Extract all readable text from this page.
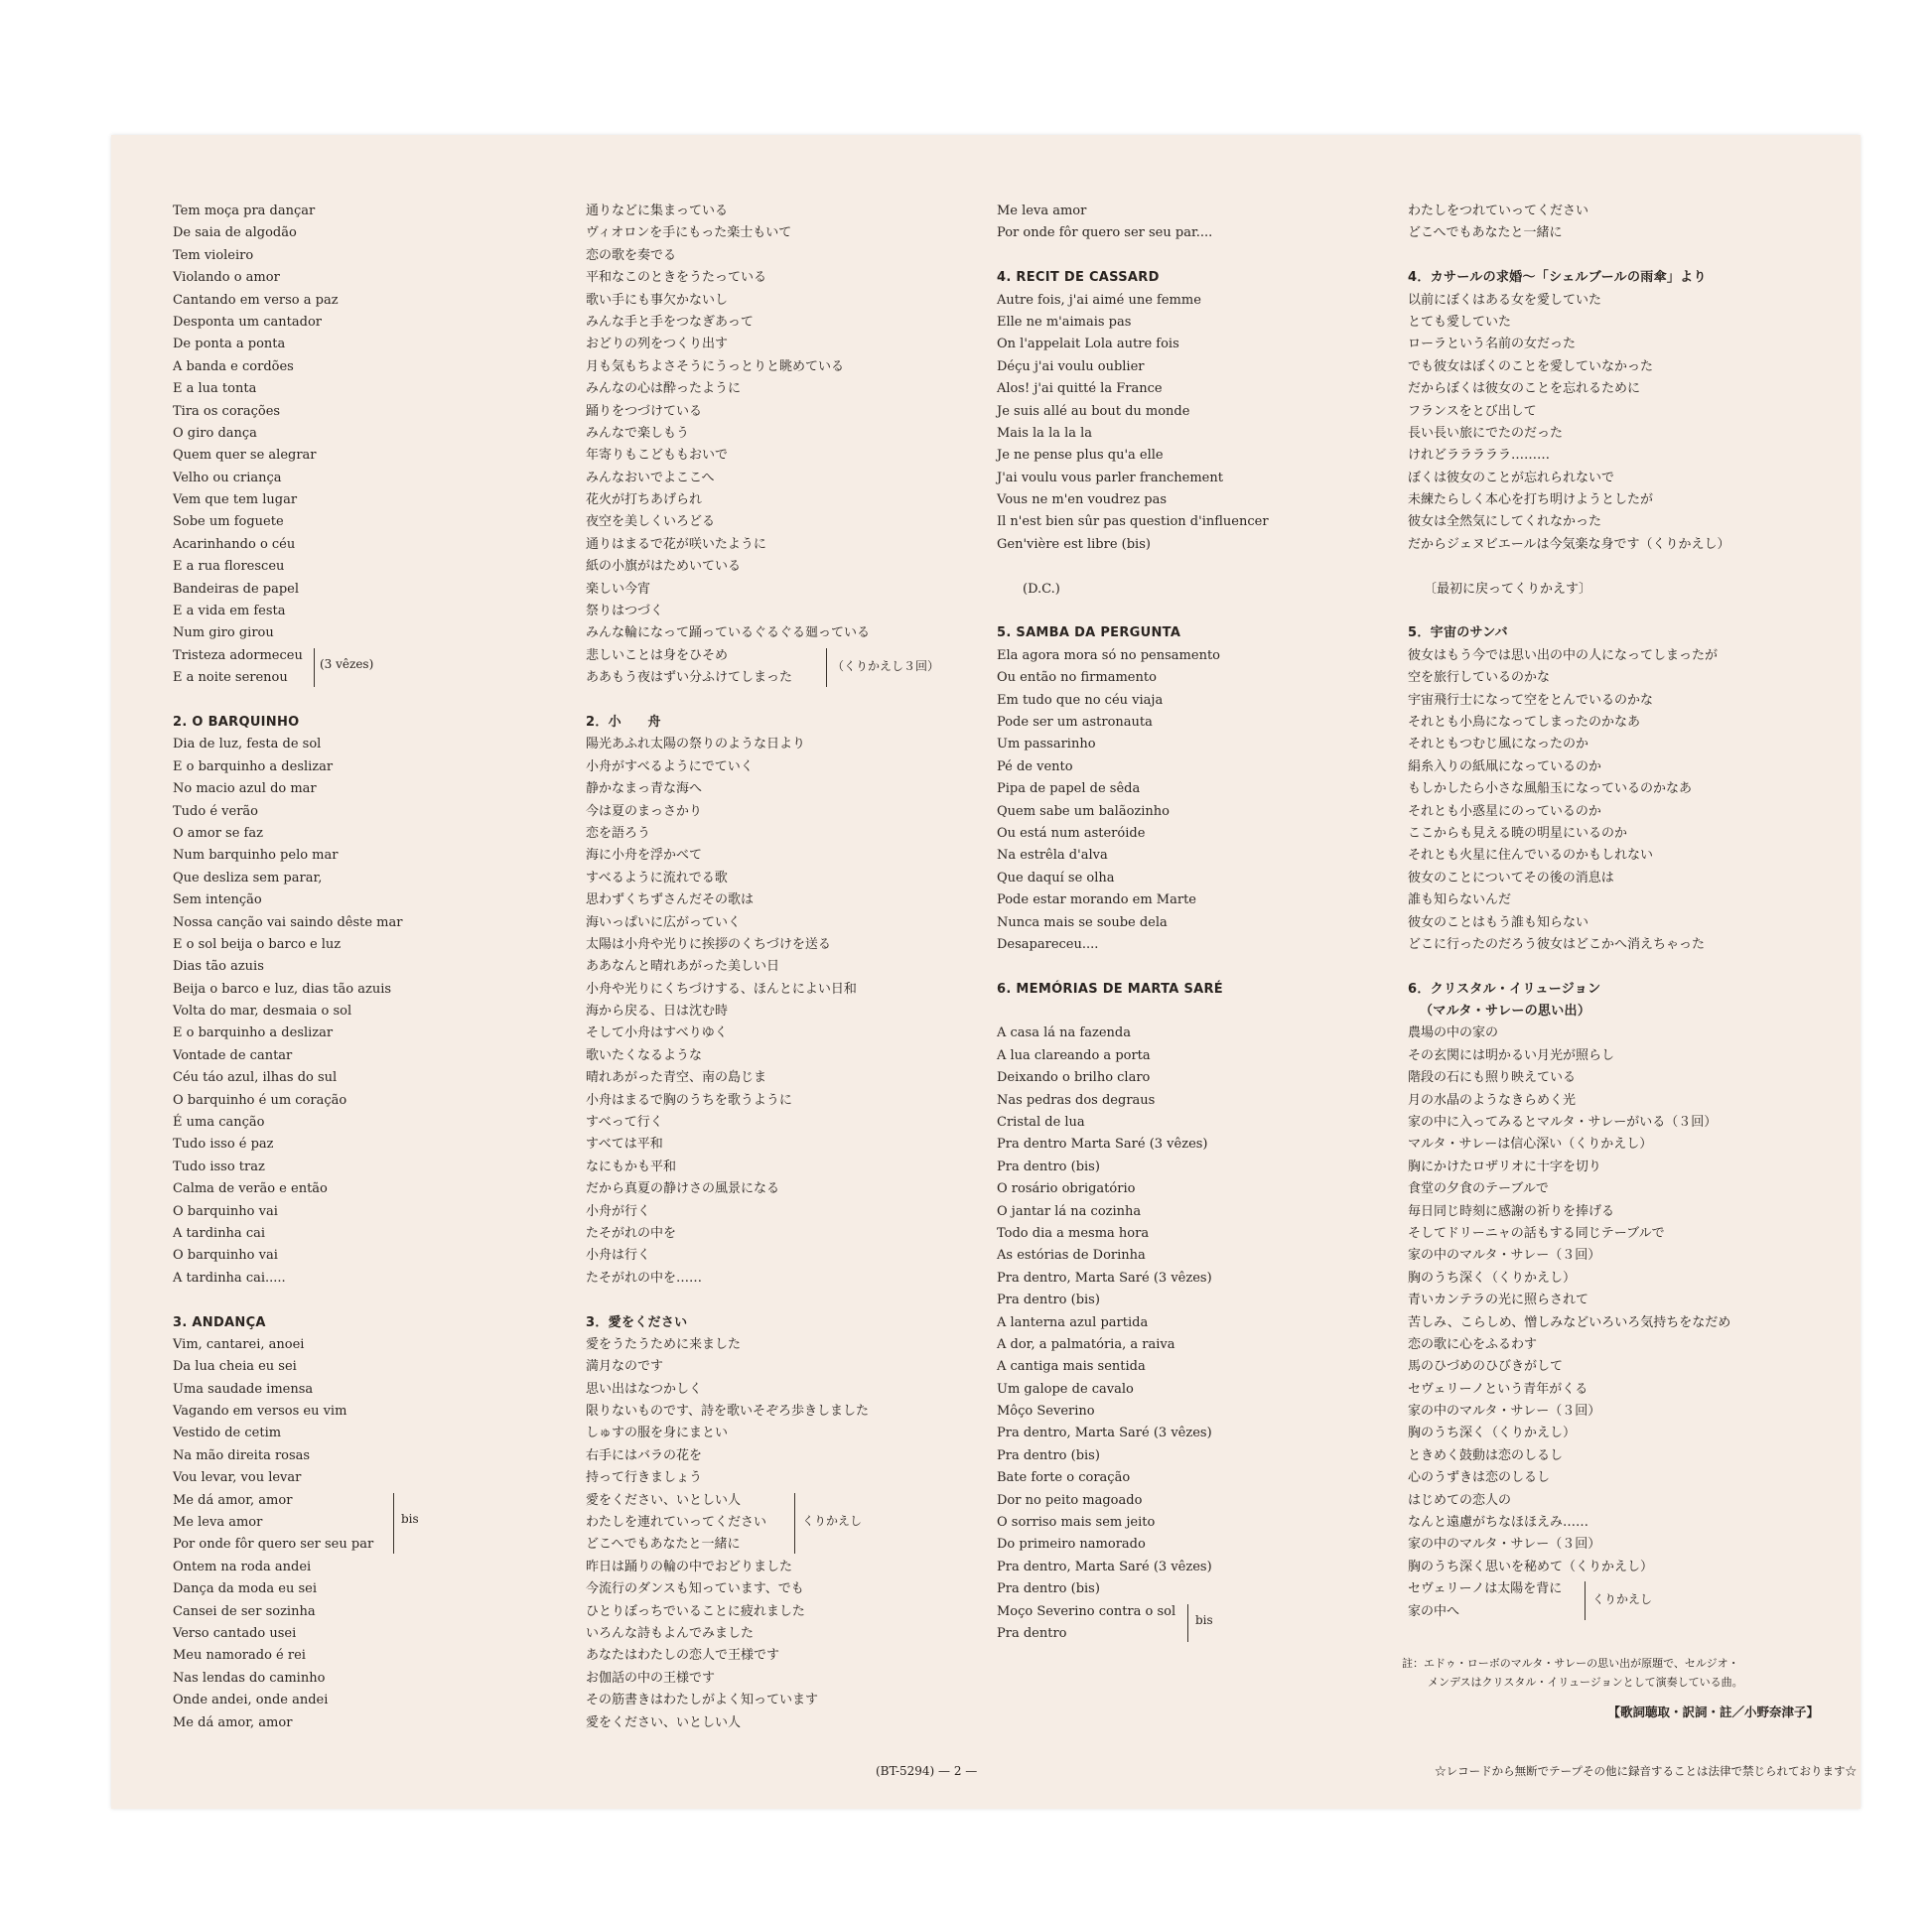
Tem moça pra dançar
De saia de algodão
Tem violeiro
Violando o amor
Cantando em verso a paz
Desponta um cantador
De ponta a ponta
A banda e cordões
E a lua tonta
Tira os corações
O giro dança
Quem quer se alegrar
Velho ou criança
Vem que tem lugar
Sobe um foguete
Acarinhando o céu
E a rua floresceu
Bandeiras de papel
E a vida em festa
Num giro girou
Tristeza adormeceu
E a noite serenou
(3 vêzes)
2. O BARQUINHO
Dia de luz, festa de sol
E o barquinho a deslizar
No macio azul do mar
Tudo é verão
O amor se faz
Num barquinho pelo mar
Que desliza sem parar,
Sem intenção
Nossa canção vai saindo dêste mar
E o sol beija o barco e luz
Dias tão azuis
Beija o barco e luz, dias tão azuis
Volta do mar, desmaia o sol
E o barquinho a deslizar
Vontade de cantar
Céu táo azul, ilhas do sul
O barquinho é um coração
É uma canção
Tudo isso é paz
Tudo isso traz
Calma de verão e então
O barquinho vai
A tardinha cai
O barquinho vai
A tardinha cai.....
3. ANDANÇA
Vim, cantarei, anoei
Da lua cheia eu sei
Uma saudade imensa
Vagando em versos eu vim
Vestido de cetim
Na mão direita rosas
Vou levar, vou levar
Me dá amor, amor
Me leva amor
Por onde fôr quero ser seu par
bis
Ontem na roda andei
Dança da moda eu sei
Cansei de ser sozinha
Verso cantado usei
Meu namorado é rei
Nas lendas do caminho
Onde andei, onde andei
Me dá amor, amor
通りなどに集まっている
ヴィオロンを手にもった楽士もいて
恋の歌を奏でる
平和なこのときをうたっている
歌い手にも事欠かないし
みんな手と手をつなぎあって
おどりの列をつくり出す
月も気もちよさそうにうっとりと眺めている
みんなの心は酔ったように
踊りをつづけている
みんなで楽しもう
年寄りもこどももおいで
みんなおいでよここへ
花火が打ちあげられ
夜空を美しくいろどる
通りはまるで花が咲いたように
紙の小旗がはためいている
楽しい今宵
祭りはつづく
みんな輪になって踊っているぐるぐる廻っている
悲しいことは身をひそめ
ああもう夜はずい分ふけてしまった
（くりかえし３回）
2．小　　舟
陽光あふれ太陽の祭りのような日より
小舟がすべるようにでていく
静かなまっ青な海へ
今は夏のまっさかり
恋を語ろう
海に小舟を浮かべて
すべるように流れでる歌
思わずくちずさんだその歌は
海いっぱいに広がっていく
太陽は小舟や光りに挨拶のくちづけを送る
ああなんと晴れあがった美しい日
小舟や光りにくちづけする、ほんとによい日和
海から戻る、日は沈む時
そして小舟はすべりゆく
歌いたくなるような
晴れあがった青空、南の島じま
小舟はまるで胸のうちを歌うように
すべって行く
すべては平和
なにもかも平和
だから真夏の静けさの風景になる
小舟が行く
たそがれの中を
小舟は行く
たそがれの中を……
3．愛をください
愛をうたうために来ました
満月なのです
思い出はなつかしく
限りないものです、詩を歌いそぞろ歩きしました
しゅすの服を身にまとい
右手にはバラの花を
持って行きましょう
愛をください、いとしい人
わたしを連れていってください
どこへでもあなたと一緒に
くりかえし
昨日は踊りの輪の中でおどりました
今流行のダンスも知っています、でも
ひとりぼっちでいることに疲れました
いろんな詩もよんでみました
あなたはわたしの恋人で王様です
お伽話の中の王様です
その筋書きはわたしがよく知っています
愛をください、いとしい人
Me leva amor
Por onde fôr quero ser seu par....
4. RECIT DE CASSARD
Autre fois, j'ai aimé une femme
Elle ne m'aimais pas
On l'appelait Lola autre fois
Déçu j'ai voulu oublier
Alos! j'ai quitté la France
Je suis allé au bout du monde
Mais la la la la
Je ne pense plus qu'a elle
J'ai voulu vous parler franchement
Vous ne m'en voudrez pas
Il n'est bien sûr pas question d'influencer
Gen'vière est libre (bis)
(D.C.)
5. SAMBA DA PERGUNTA
Ela agora mora só no pensamento
Ou então no firmamento
Em tudo que no céu viaja
Pode ser um astronauta
Um passarinho
Pé de vento
Pipa de papel de sêda
Quem sabe um balãozinho
Ou está num asteróide
Na estrêla d'alva
Que daquí se olha
Pode estar morando em Marte
Nunca mais se soube dela
Desapareceu....
6. MEMÓRIAS DE MARTA SARÉ
A casa lá na fazenda
A lua clareando a porta
Deixando o brilho claro
Nas pedras dos degraus
Cristal de lua
Pra dentro Marta Saré (3 vêzes)
Pra dentro (bis)
O rosário obrigatório
O jantar lá na cozinha
Todo dia a mesma hora
As estórias de Dorinha
Pra dentro, Marta Saré (3 vêzes)
Pra dentro (bis)
A lanterna azul partida
A dor, a palmatória, a raiva
A cantiga mais sentida
Um galope de cavalo
Môço Severino
Pra dentro, Marta Saré (3 vêzes)
Pra dentro (bis)
Bate forte o coração
Dor no peito magoado
O sorriso mais sem jeito
Do primeiro namorado
Pra dentro, Marta Saré (3 vêzes)
Pra dentro (bis)
Moço Severino contra o sol
Pra dentro
bis
わたしをつれていってください
どこへでもあなたと一緒に
4．カサールの求婚～「シェルブールの雨傘」より
以前にぼくはある女を愛していた
とても愛していた
ローラという名前の女だった
でも彼女はぼくのことを愛していなかった
だからぼくは彼女のことを忘れるために
フランスをとび出して
長い長い旅にでたのだった
けれどラララララ………
ぼくは彼女のことが忘れられないで
未練たらしく本心を打ち明けようとしたが
彼女は全然気にしてくれなかった
だからジェヌビエールは今気楽な身です（くりかえし）
〔最初に戻ってくりかえす〕
5．宇宙のサンバ
彼女はもう今では思い出の中の人になってしまったが
空を旅行しているのかな
宇宙飛行士になって空をとんでいるのかな
それとも小鳥になってしまったのかなあ
それともつむじ風になったのか
絹糸入りの紙凧になっているのか
もしかしたら小さな風船玉になっているのかなあ
それとも小惑星にのっているのか
ここからも見える暁の明星にいるのか
それとも火星に住んでいるのかもしれない
彼女のことについてその後の消息は
誰も知らないんだ
彼女のことはもう誰も知らない
どこに行ったのだろう彼女はどこかへ消えちゃった
6．クリスタル・イリュージョン
（マルタ・サレーの思い出）
農場の中の家の
その玄関には明かるい月光が照らし
階段の石にも照り映えている
月の水晶のようなきらめく光
家の中に入ってみるとマルタ・サレーがいる（３回）
マルタ・サレーは信心深い（くりかえし）
胸にかけたロザリオに十字を切り
食堂の夕食のテーブルで
毎日同じ時刻に感謝の祈りを捧げる
そしてドリーニャの話もする同じテーブルで
家の中のマルタ・サレー（３回）
胸のうち深く（くりかえし）
青いカンテラの光に照らされて
苦しみ、こらしめ、憎しみなどいろいろ気持ちをなだめ
恋の歌に心をふるわす
馬のひづめのひびきがして
セヴェリーノという青年がくる
家の中のマルタ・サレー（３回）
胸のうち深く（くりかえし）
ときめく鼓動は恋のしるし
心のうずきは恋のしるし
はじめての恋人の
なんと遠慮がちなほほえみ……
家の中のマルタ・サレー（３回）
胸のうち深く思いを秘めて（くりかえし）
セヴェリーノは太陽を背に
家の中へ
くりかえし
註：エドゥ・ローボのマルタ・サレーの思い出が原題で、セルジオ・
メンデスはクリスタル・イリュージョンとして演奏している曲。
【歌詞聴取・訳詞・註／小野奈津子】
(BT-5294) — 2 —	☆レコードから無断でテープその他に録音することは法律で禁じられております☆
